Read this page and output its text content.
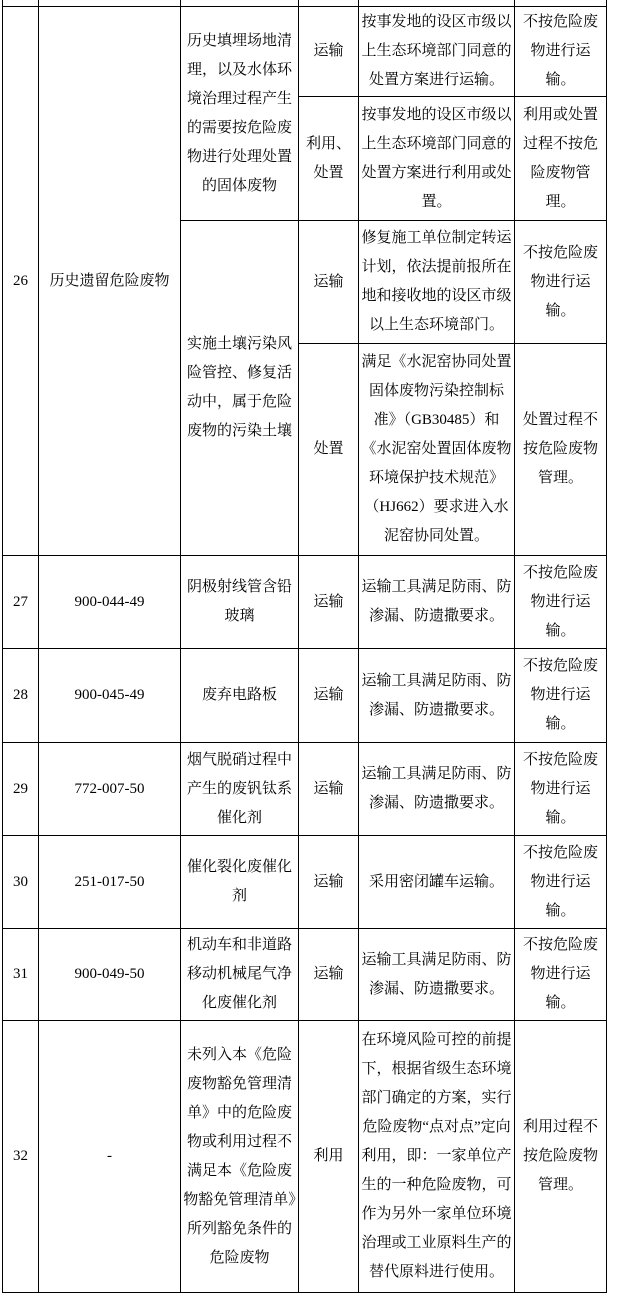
26	历史遗留危险废物	历史填埋场地清理，以及水体环境治理过程产生的需要按危险废物进行处理处置的固体废物	运输	按事发地的设区市级以上生态环境部门同意的处置方案进行运输。	不按危险废物进行运输。
			利用、处置	按事发地的设区市级以上生态环境部门同意的处置方案进行利用或处置。	利用或处置过程不按危险废物管理。
		实施土壤污染风险管控、修复活动中，属于危险废物的污染土壤	运输	修复施工单位制定转运计划，依法提前报所在地和接收地的设区市级以上生态环境部门。	不按危险废物进行运输。
			处置	满足《水泥窑协同处置固体废物污染控制标准》（GB30485）和《水泥窑处置固体废物环境保护技术规范》（HJ662）要求进入水泥窑协同处置。	处置过程不按危险废物管理。
27	900-044-49	阴极射线管含铅玻璃	运输	运输工具满足防雨、防渗漏、防遗撒要求。	不按危险废物进行运输。
28	900-045-49	废弃电路板	运输	运输工具满足防雨、防渗漏、防遗撒要求。	不按危险废物进行运输。
29	772-007-50	烟气脱硝过程中产生的废钒钛系催化剂	运输	运输工具满足防雨、防渗漏、防遗撒要求。	不按危险废物进行运输。
30	251-017-50	催化裂化废催化剂	运输	采用密闭罐车运输。	不按危险废物进行运输。
31	900-049-50	机动车和非道路移动机械尾气净化废催化剂	运输	运输工具满足防雨、防渗漏、防遗撒要求。	不按危险废物进行运输。
32	-	未列入本《危险废物豁免管理清单》中的危险废物或利用过程不满足本《危险废物豁免管理清单》所列豁免条件的危险废物	利用	在环境风险可控的前提下，根据省级生态环境部门确定的方案，实行危险废物“点对点”定向利用，即：一家单位产生的一种危险废物，可作为另外一家单位环境治理或工业原料生产的替代原料进行使用。	利用过程不按危险废物管理。
